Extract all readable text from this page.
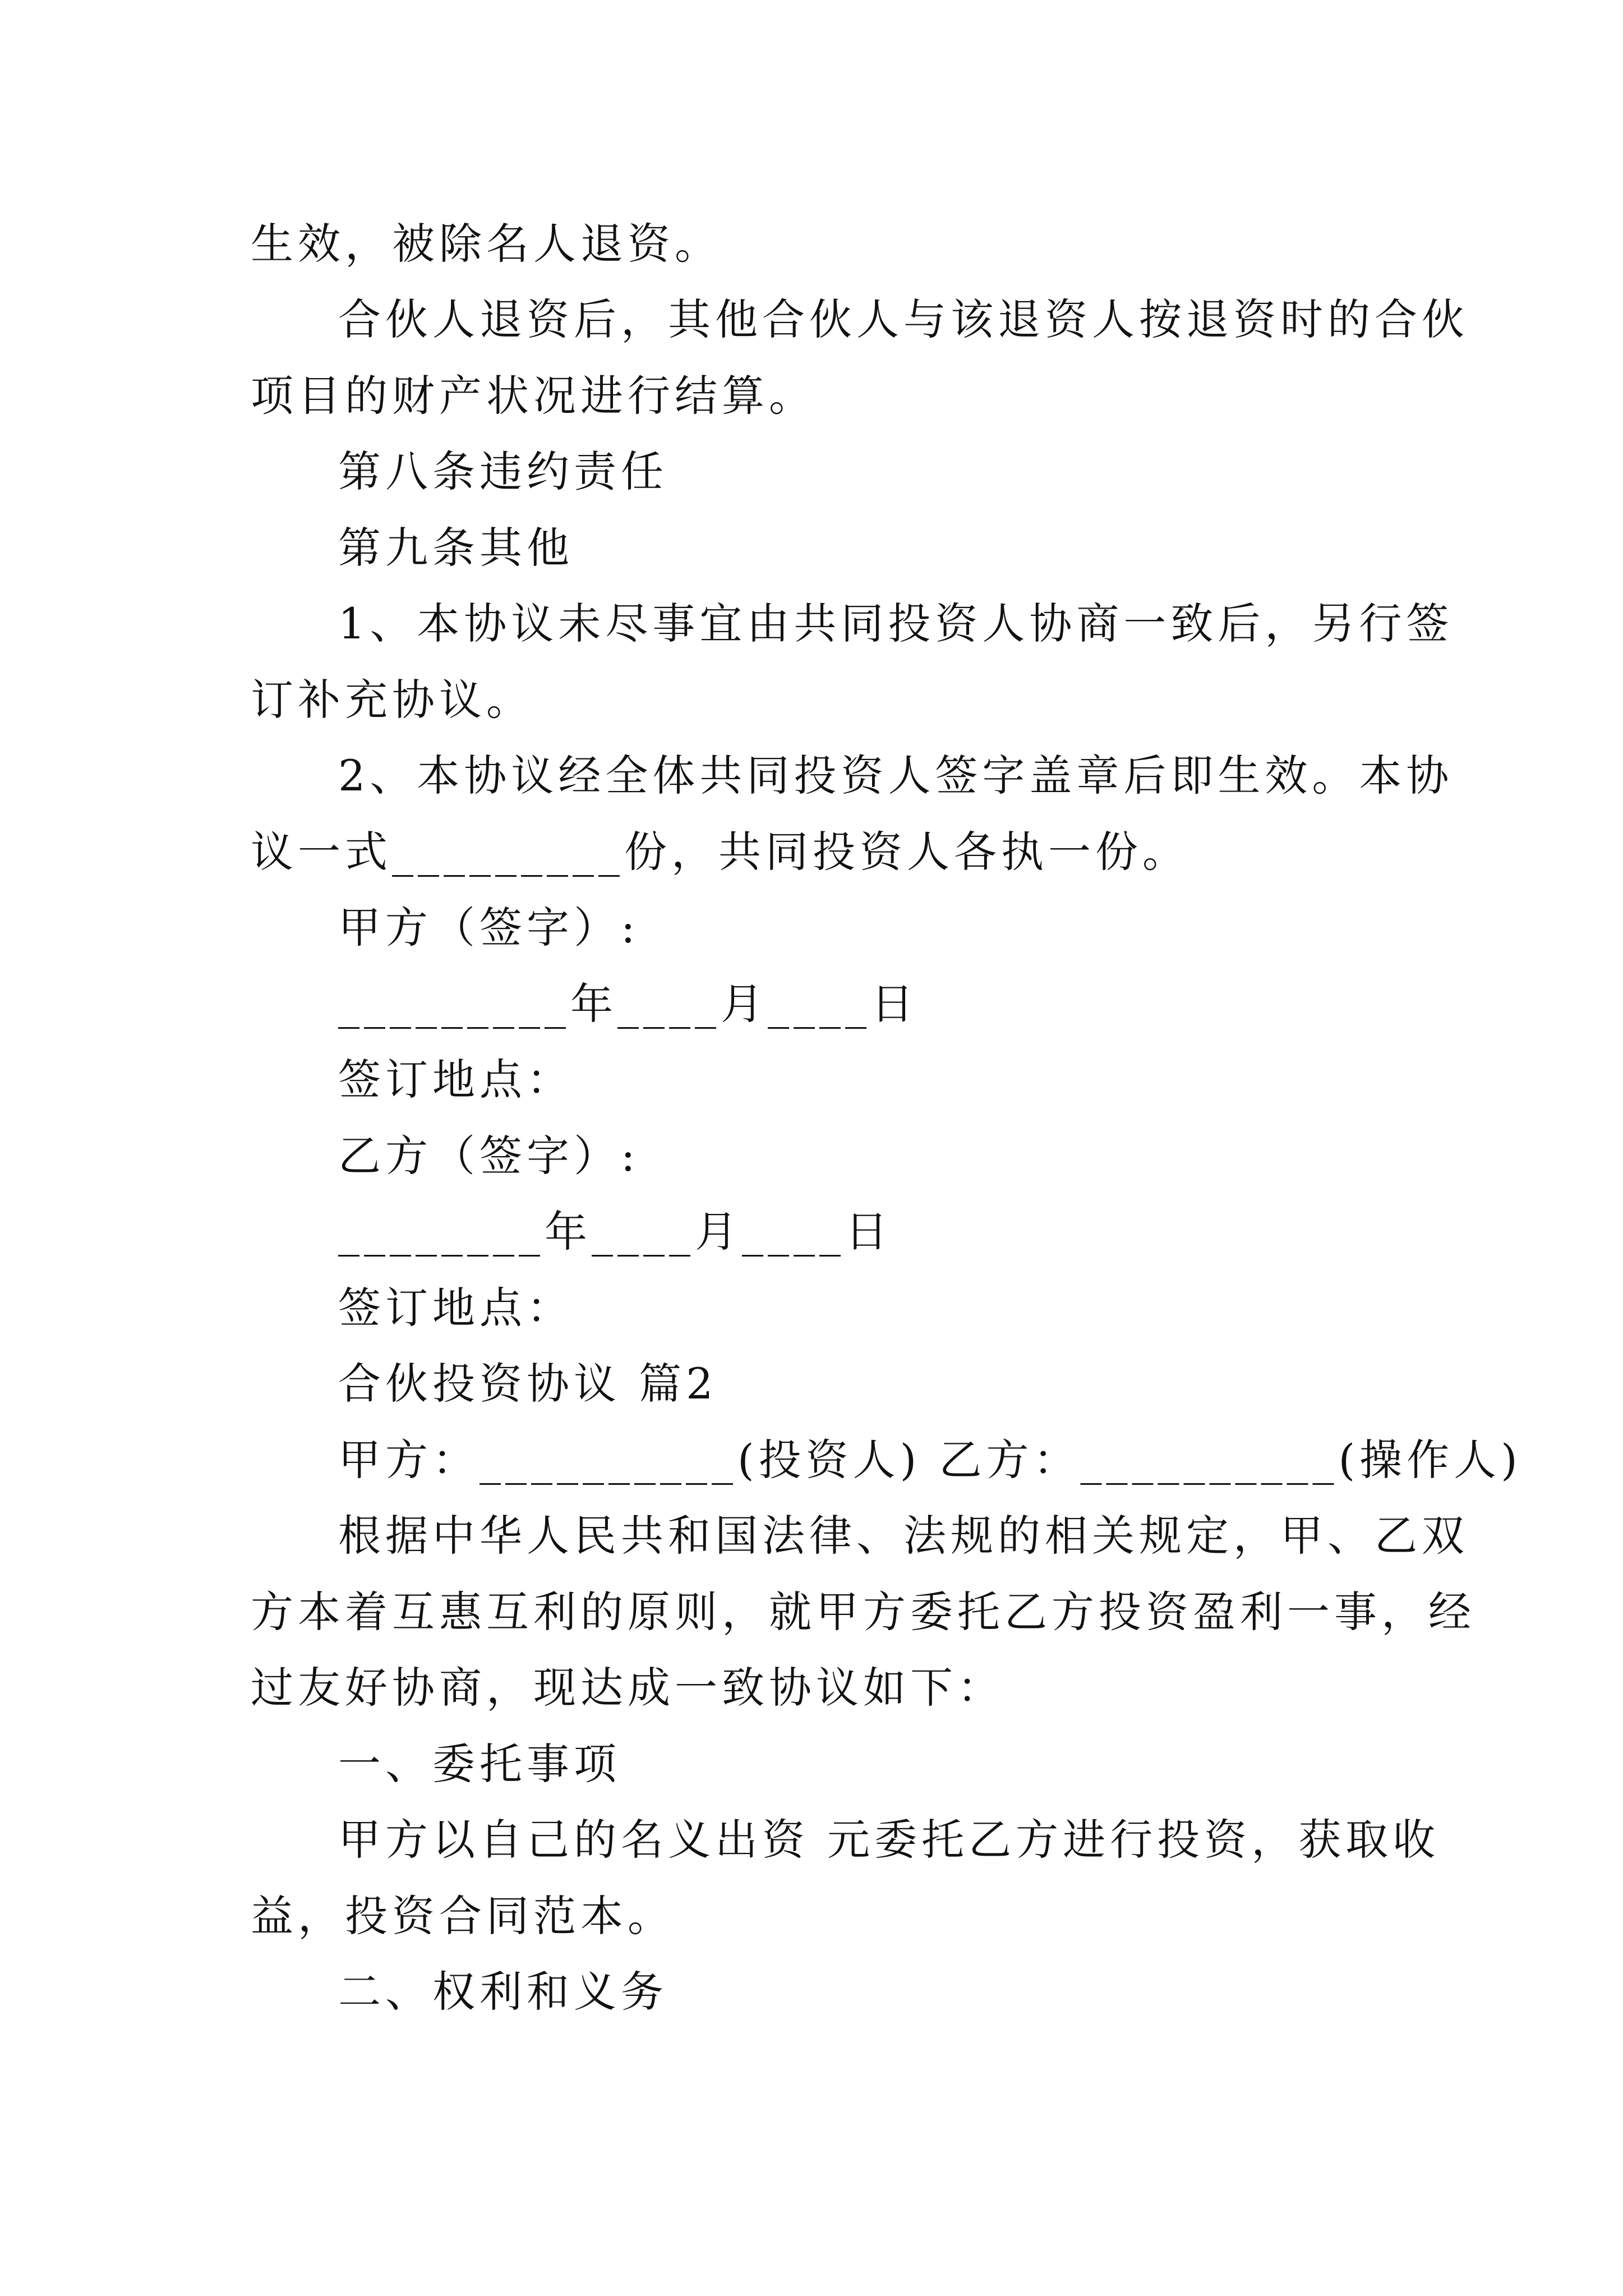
生效，被除名人退资。
合伙人退资后，其他合伙人与该退资人按退资时的合伙
项目的财产状况进行结算。
第八条违约责任
第九条其他
1、本协议未尽事宜由共同投资人协商一致后，另行签
订补充协议。
2、本协议经全体共同投资人签字盖章后即生效。本协
议一式_________份，共同投资人各执一份。
甲方（签字）:
_________年____月____日
签订地点：
乙方（签字）:
________年____月____日
签订地点：
合伙投资协议 篇2
甲方：__________(投资人) 乙方：__________(操作人)
根据中华人民共和国法律、法规的相关规定，甲、乙双
方本着互惠互利的原则，就甲方委托乙方投资盈利一事，经
过友好协商，现达成一致协议如下：
一、委托事项
甲方以自己的名义出资 元委托乙方进行投资，获取收
益，投资合同范本。
二、权利和义务
